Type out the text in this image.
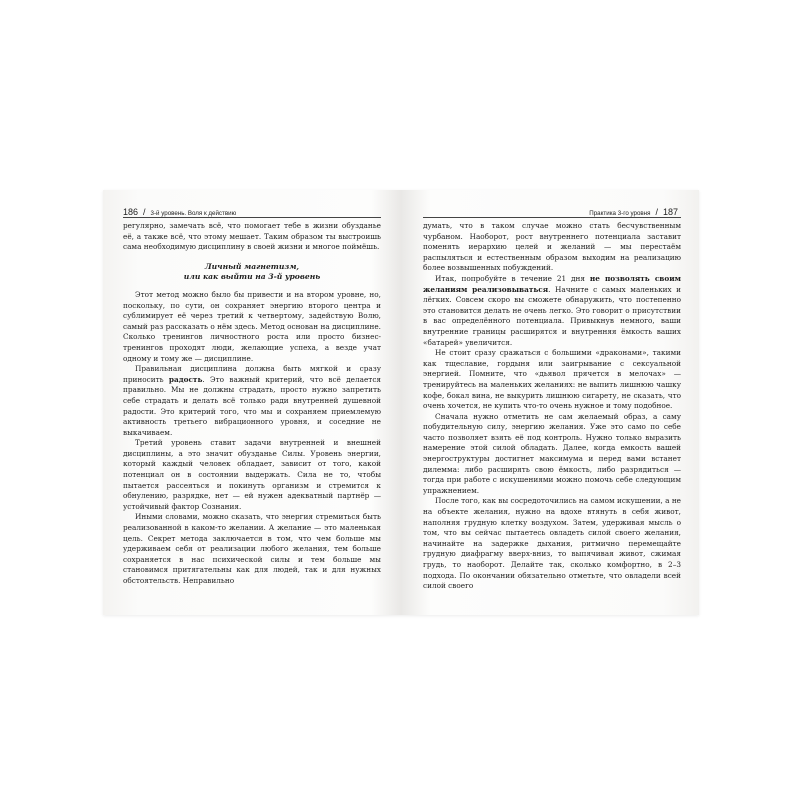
186 / 3-й уровень. Воля к действию

регулярно, замечать всё, что помогает тебе в жизни обузданье её, а также всё, что этому мешает. Таким образом ты выстроишь сама необходимую дисциплину в своей жизни и многое поймёшь.

Личный магнетизм,
или как выйти на 3-й уровень

Этот метод можно было бы привести и на втором уровне, но, поскольку, по сути, он сохраняет энергию второго центра и сублимирует её через третий к четвертому, задействую Волю, самый раз рассказать о нём здесь. Метод основан на дисциплине. Сколько тренингов личностного роста или просто бизнес-тренингов проходят люди, желающие успеха, а везде учат одному и тому же — дисциплине.

Правильная дисциплина должна быть мягкой и сразу приносить радость. Это важный критерий, что всё делается правильно. Мы не должны страдать, просто нужно запретить себе страдать и делать всё только ради внутренней душевной радости. Это критерий того, что мы и сохраняем приемлемую активность третьего вибрационного уровня, и соседние не выкачиваем.

Третий уровень ставит задачи внутренней и внешней дисциплины, а это значит обузданье Силы. Уровень энергии, который каждый человек обладает, зависит от того, какой потенциал он в состоянии выдержать. Сила не то, чтобы пытается рассеяться и покинуть организм и стремится к обнулению, разрядке, нет — ей нужен адекватный партнёр — устойчивый фактор Сознания.

Иными словами, можно сказать, что энергия стремиться быть реализованной в каком-то желании. А желание — это маленькая цель. Секрет метода заключается в том, что чем больше мы удерживаем себя от реализации любого желания, тем больше сохраняется в нас психической силы и тем больше мы становимся притягательны как для людей, так и для нужных обстоятельств. Неправильно

Практика 3-го уровня / 187

думать, что в таком случае можно стать бесчувственным чурбаном. Наоборот, рост внутреннего потенциала заставит поменять иерархию целей и желаний — мы перестаём распыляться и естественным образом выходим на реализацию более возвышенных побуждений.

Итак, попробуйте в течение 21 дня не позволять своим желаниям реализовываться. Начните с самых маленьких и лёгких. Совсем скоро вы сможете обнаружить, что постепенно это становится делать не очень легко. Это говорит о присутствии в вас определённого потенциала. Привыкнув немного, ваши внутренние границы расширятся и внутренняя ёмкость ваших «батарей» увеличится.

Не стоит сразу сражаться с большими «драконами», такими как тщеславие, гордыня или заигрывание с сексуальной энергией. Помните, что «дьявол прячется в мелочах» — тренируйтесь на маленьких желаниях: не выпить лишнюю чашку кофе, бокал вина, не выкурить лишнюю сигарету, не сказать, что очень хочется, не купить что-то очень нужное и тому подобное.

Сначала нужно отметить не сам желаемый образ, а саму побудительную силу, энергию желания. Уже это само по себе часто позволяет взять её под контроль. Нужно только выразить намерение этой силой обладать. Далее, когда емкость вашей энергоструктуры достигнет максимума и перед вами встанет дилемма: либо расширять свою ёмкость, либо разрядиться — тогда при работе с искушениями можно помочь себе следующим упражнением.

После того, как вы сосредоточились на самом искушении, а не на объекте желания, нужно на вдохе втянуть в себя живот, наполняя грудную клетку воздухом. Затем, удерживая мысль о том, что вы сейчас пытаетесь овладеть силой своего желания, начинайте на задержке дыхания, ритмично перемещайте грудную диафрагму вверх-вниз, то выпячивая живот, сжимая грудь, то наоборот. Делайте так, сколько комфортно, в 2–3 подхода. По окончании обязательно отметьте, что овладели всей силой своего
